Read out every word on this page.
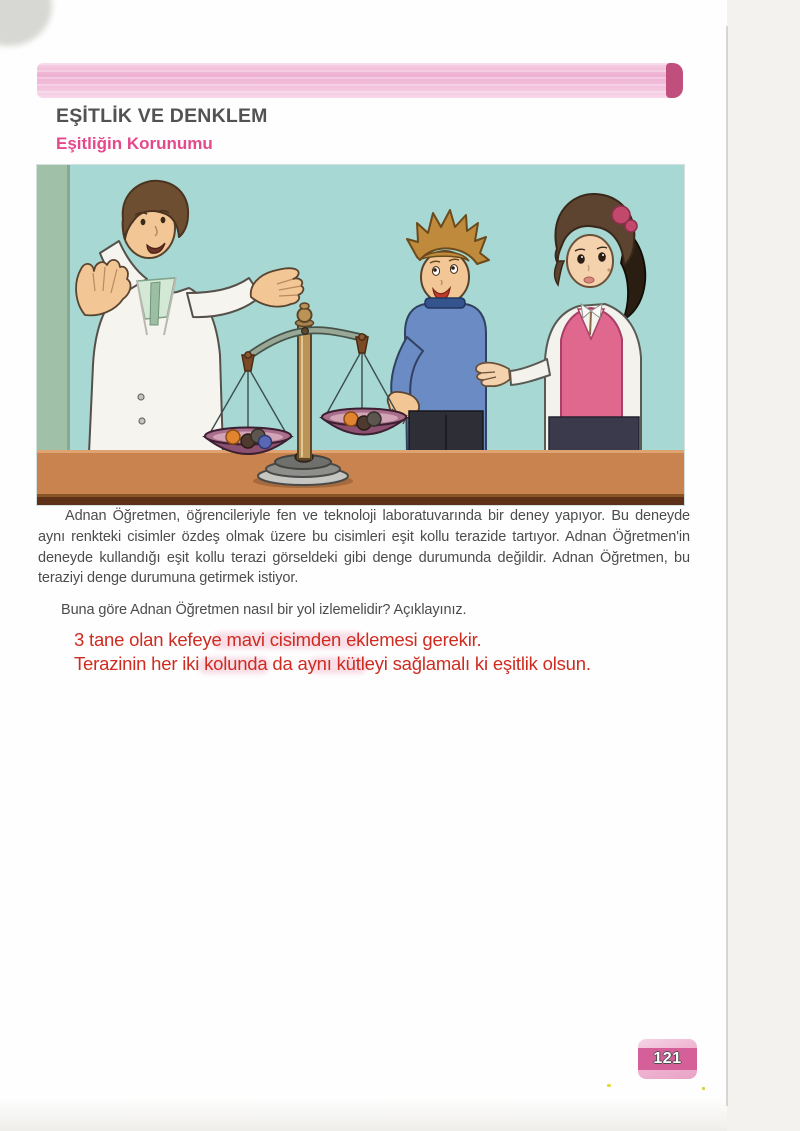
EŞİTLİK VE DENKLEM
Eşitliğin Korunumu

Adnan Öğretmen, öğrencileriyle fen ve teknoloji laboratuvarında bir deney yapıyor. Bu deneyde aynı renkteki cisimler özdeş olmak üzere bu cisimleri eşit kollu terazide tartıyor. Adnan Öğretmen'in deneyde kullandığı eşit kollu terazi görseldeki gibi denge durumunda değildir. Adnan Öğretmen, bu teraziyi denge durumuna getirmek istiyor.

Buna göre Adnan Öğretmen nasıl bir yol izlemelidir? Açıklayınız.

3 tane olan kefeye mavi cisimden eklemesi gerekir.

Terazinin her iki kolunda da aynı kütleyi sağlamalı ki eşitlik olsun.

121
